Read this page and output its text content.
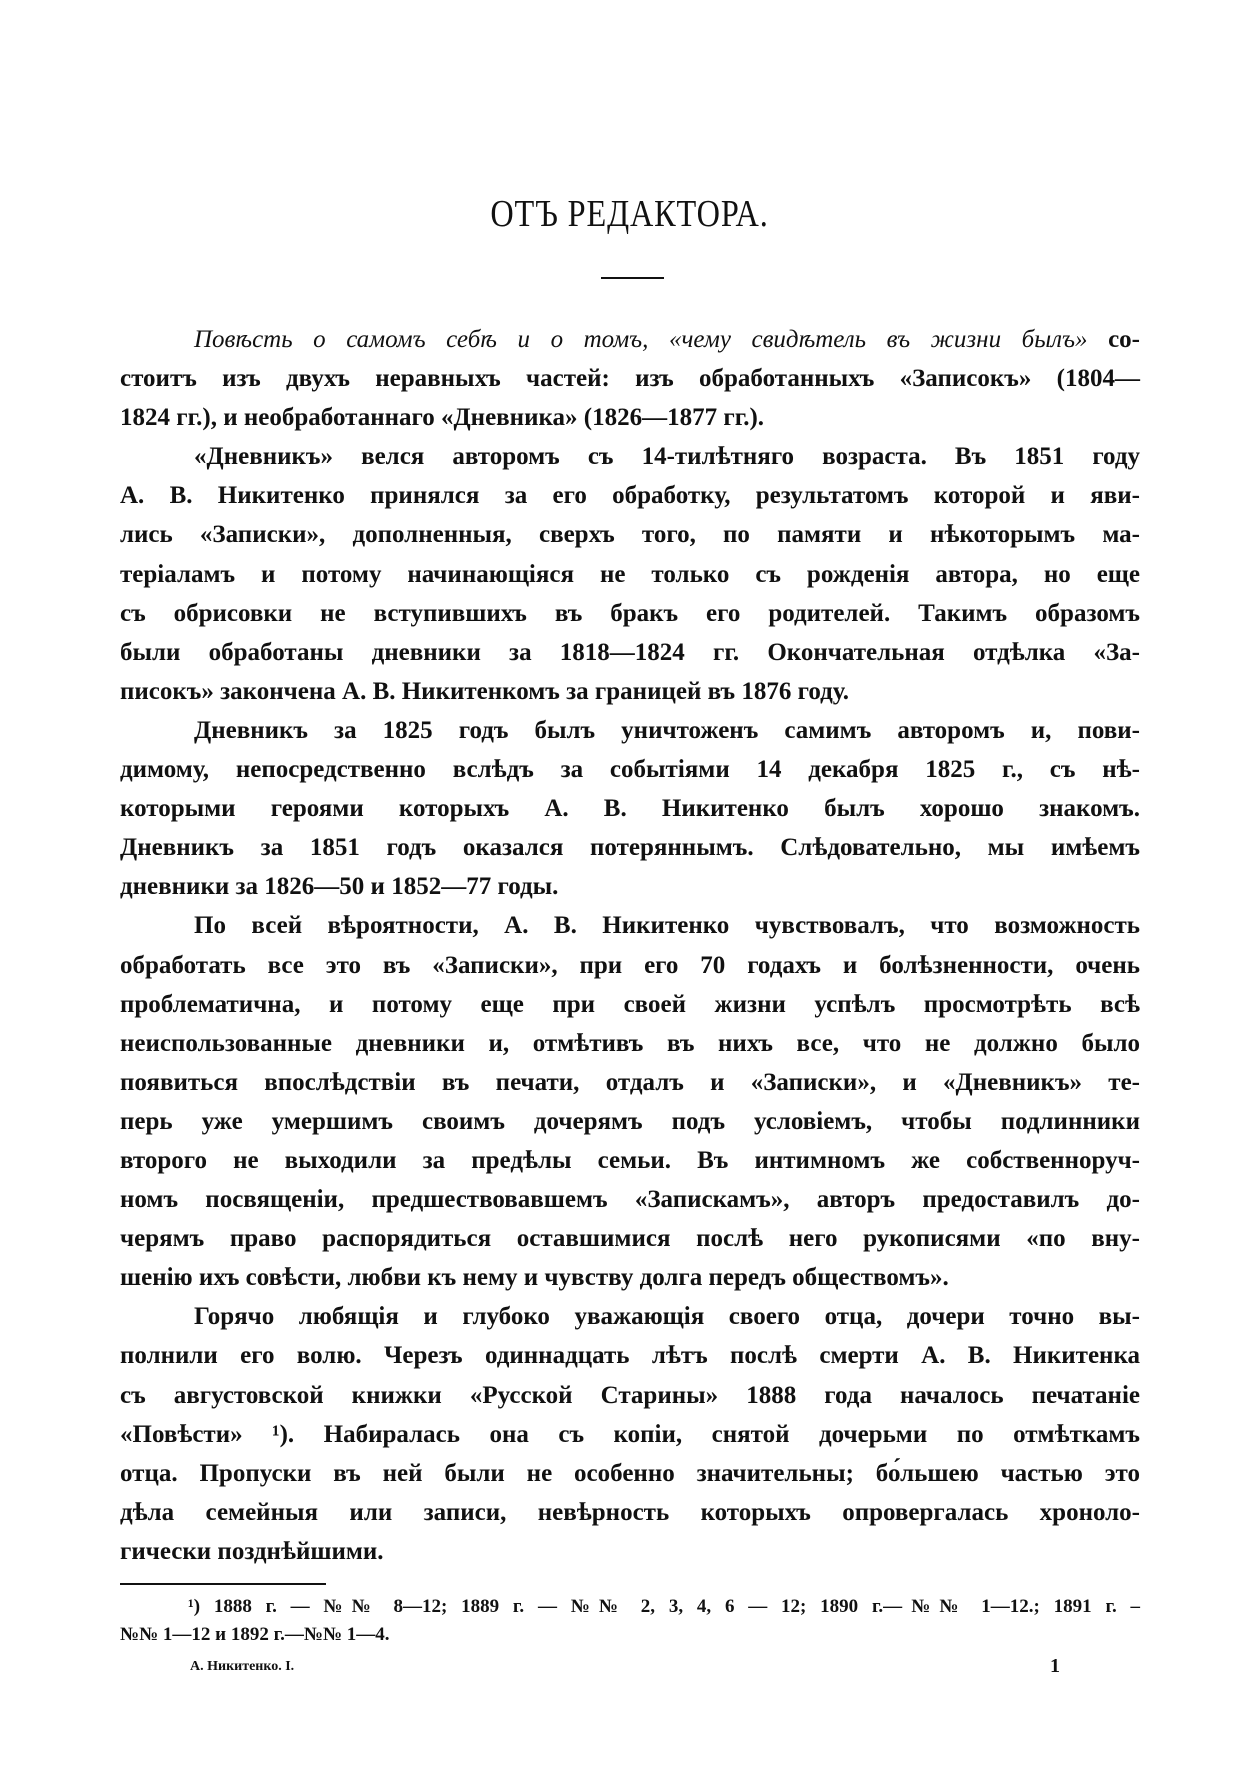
ОТЪ РЕДАКТОРА.
Повѣсть о самомъ себѣ и о томъ, «чему свидѣтель въ жизни былъ» со-
стоитъ изъ двухъ неравныхъ частей: изъ обработанныхъ «Записокъ» (1804—
1824 гг.), и необработаннаго «Дневника» (1826—1877 гг.).
«Дневникъ» велся авторомъ съ 14-тилѣтняго возраста. Въ 1851 году
А. В. Никитенко принялся за его обработку, результатомъ которой и яви-
лись «Записки», дополненныя, сверхъ того, по памяти и нѣкоторымъ ма-
теріаламъ и потому начинающіяся не только съ рожденія автора, но еще
съ обрисовки не вступившихъ въ бракъ его родителей. Такимъ образомъ
были обработаны дневники за 1818—1824 гг. Окончательная отдѣлка «За-
писокъ» закончена А. В. Никитенкомъ за границей въ 1876 году.
Дневникъ за 1825 годъ былъ уничтоженъ самимъ авторомъ и, пови-
димому, непосредственно вслѣдъ за событіями 14 декабря 1825 г., съ нѣ-
которыми героями которыхъ А. В. Никитенко былъ хорошо знакомъ.
Дневникъ за 1851 годъ оказался потеряннымъ. Слѣдовательно, мы имѣемъ
дневники за 1826—50 и 1852—77 годы.
По всей вѣроятности, А. В. Никитенко чувствовалъ, что возможность
обработать все это въ «Записки», при его 70 годахъ и болѣзненности, очень
проблематична, и потому еще при своей жизни успѣлъ просмотрѣть всѣ
неиспользованные дневники и, отмѣтивъ въ нихъ все, что не должно было
появиться впослѣдствіи въ печати, отдалъ и «Записки», и «Дневникъ» те-
перь уже умершимъ своимъ дочерямъ подъ условіемъ, чтобы подлинники
второго не выходили за предѣлы семьи. Въ интимномъ же собственноруч-
номъ посвященіи, предшествовавшемъ «Запискамъ», авторъ предоставилъ до-
черямъ право распорядиться оставшимися послѣ него рукописями «по вну-
шенію ихъ совѣсти, любви къ нему и чувству долга передъ обществомъ».
Горячо любящія и глубоко уважающія своего отца, дочери точно вы-
полнили его волю. Черезъ одиннадцать лѣтъ послѣ смерти А. В. Никитенка
съ августовской книжки «Русской Старины» 1888 года началось печатаніе
«Повѣсти» ¹). Набиралась она съ копіи, снятой дочерьми по отмѣткамъ
отца. Пропуски въ ней были не особенно значительны; бо́льшею частью это
дѣла семейныя или записи, невѣрность которыхъ опровергалась хроноло-
гически позднѣйшими.
¹) 1888 г. — №№ 8—12; 1889 г. — №№ 2, 3, 4, 6 — 12; 1890 г.—№№ 1—12.; 1891 г. –
№№ 1—12 и 1892 г.—№№ 1—4.
А. Никитенко. I.	1
